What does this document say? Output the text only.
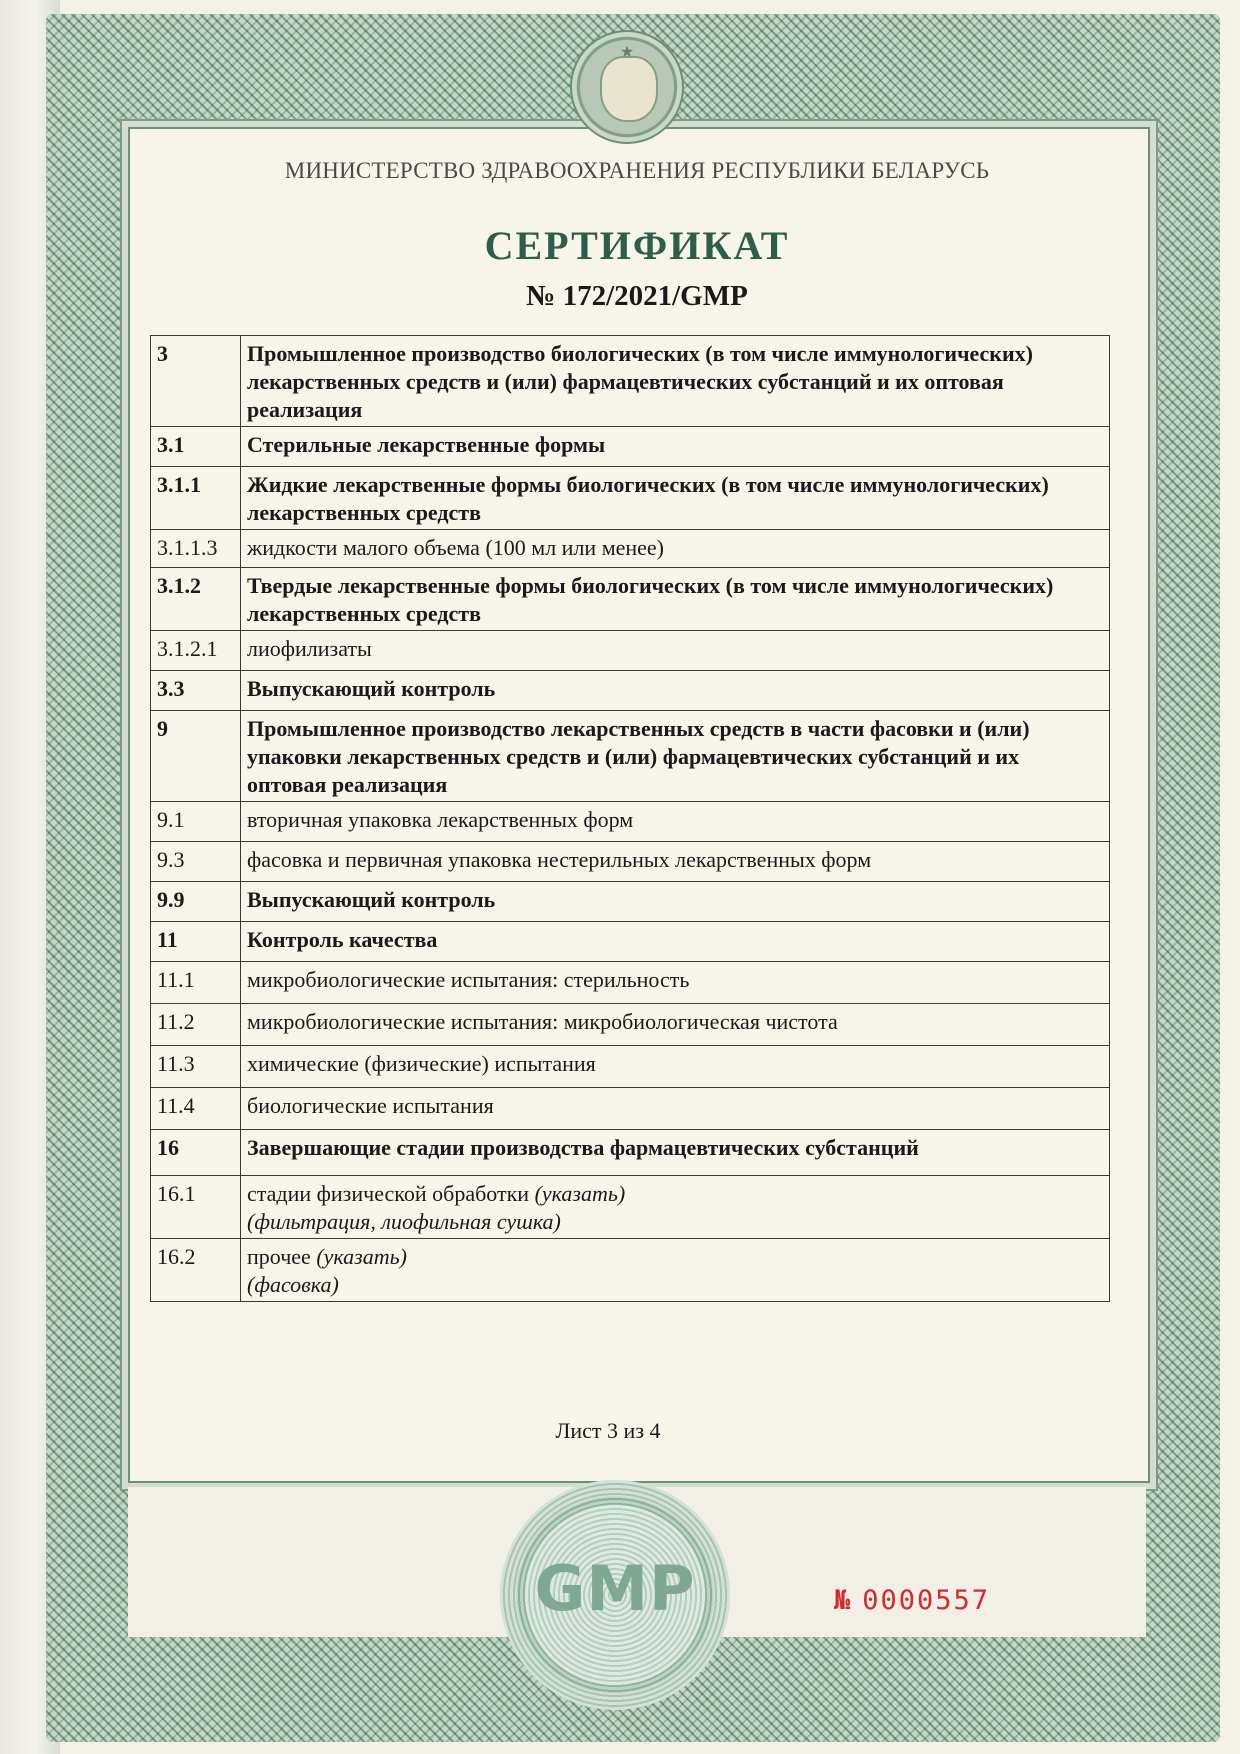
★
МИНИСТЕРСТВО ЗДРАВООХРАНЕНИЯ РЕСПУБЛИКИ БЕЛАРУСЬ
СЕРТИФИКАТ
№ 172/2021/GMP
3	Промышленное производство биологических (в том числе иммунологических) лекарственных средств и (или) фармацевтических субстанций и их оптовая реализация
3.1	Стерильные лекарственные формы
3.1.1	Жидкие лекарственные формы биологических (в том числе иммунологических) лекарственных средств
3.1.1.3	жидкости малого объема (100 мл или менее)
3.1.2	Твердые лекарственные формы биологических (в том числе иммунологических) лекарственных средств
3.1.2.1	лиофилизаты
3.3	Выпускающий контроль
9	Промышленное производство лекарственных средств в части фасовки и (или) упаковки лекарственных средств и (или) фармацевтических субстанций и их оптовая реализация
9.1	вторичная упаковка лекарственных форм
9.3	фасовка и первичная упаковка нестерильных лекарственных форм
9.9	Выпускающий контроль
11	Контроль качества
11.1	микробиологические испытания: стерильность
11.2	микробиологические испытания: микробиологическая чистота
11.3	химические (физические) испытания
11.4	биологические испытания
16	Завершающие стадии производства фармацевтических субстанций
16.1	стадии физической обработки (указать)
(фильтрация, лиофильная сушка)

16.2	прочее (указать)
(фасовка)
Лист 3 из 4
GMP	№ 0000557
